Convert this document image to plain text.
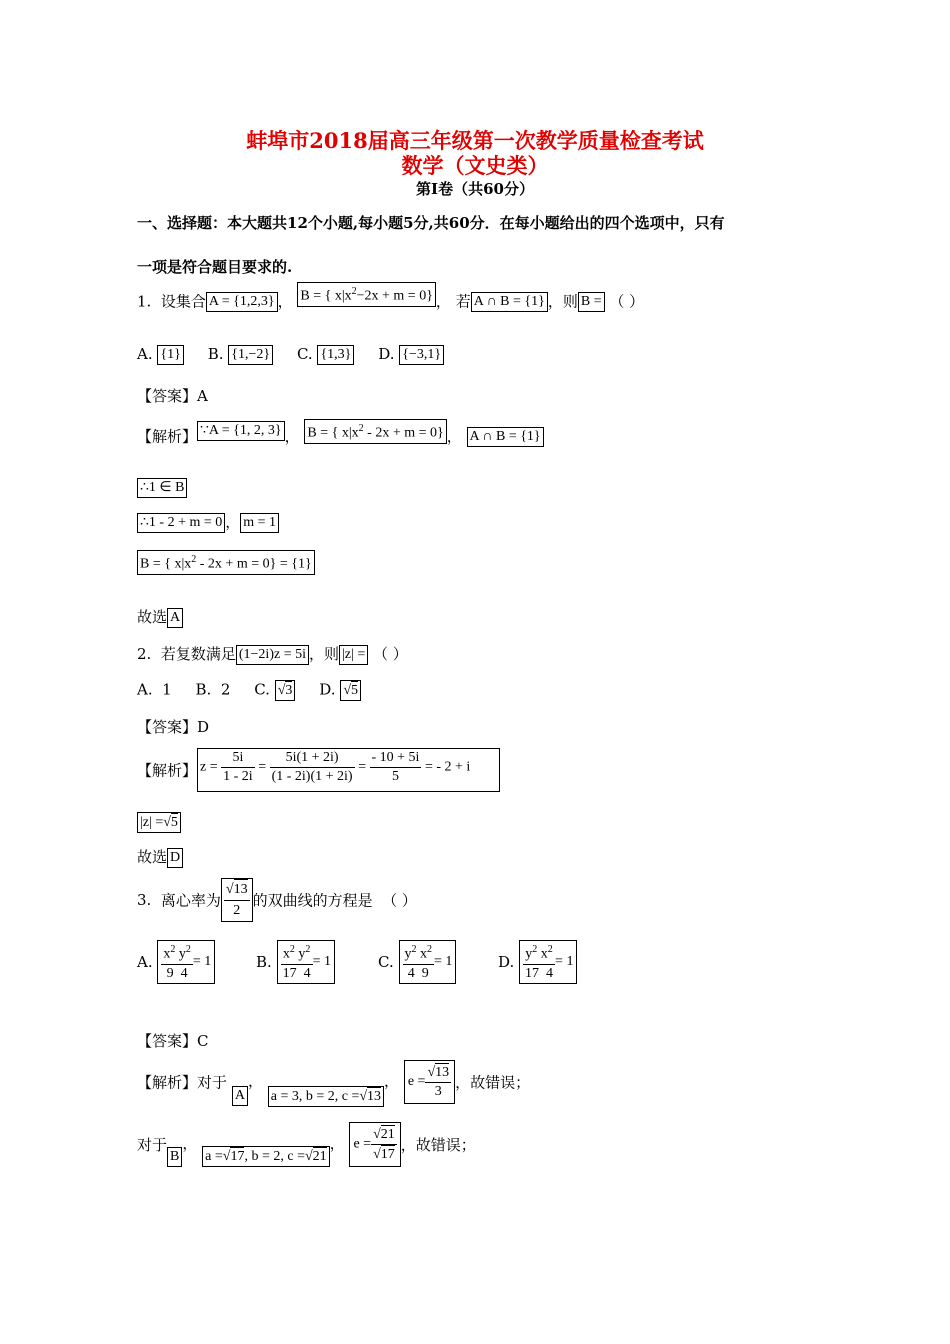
蚌埠市2018届高三年级第一次教学质量检查考试
数学（文史类）
第Ⅰ卷（共60分）
一、选择题：本大题共12个小题,每小题5分,共60分．在每小题给出的四个选项中，只有
一项是符合题目要求的.
1. 设集合 A = {1,2,3} ， B = { $x|x^2-2x + m = 0$} ， 若 A ∩ B = {1} ，则 B = （ ）
A. {1} B. {1,−2} C. {1,3} D. {−3,1}
【答案】A
【解析】 ∵A = {1, 2, 3} ， B = { $x|x^2 - 2x + m = 0$} ， A ∩ B = {1}
∴1 ∈ B
∴1 - 2 + m = 0 ， m = 1
B = { $x|x^2 - 2x + m = 0\} = \{1\}$
故选 A
2. 若复数满足 (1−2i)z = 5i ，则 |z| = （ ）
A.  1     B.  2     C. √3 D. √5
【答案】D
【解析】 $z = \frac{5i}{1 - 2i} = \frac{5i(1 + 2i)}{(1 - 2i)(1 + 2i)} = \frac{- 10 + 5i}{5}$ = - 2 + i
|z| =√5
故选 D
3. 离心率为 $\frac{√13}{2}$ 的双曲线的方程是 （ ）
A. $\frac{x^2 y^2}{9 4} = 1$	B. $\frac{x^2 y^2}{17 4} = 1$	C. $\frac{y^2 x^2}{4 9} = 1$	D. $\frac{y^2 x^2}{17 4} = 1$
【答案】C
【解析】对于 A， a = 3, b = 2, c =√13， $e = \frac{√13}{3}$ ，故错误；
对于B， a =√17, b = 2, c =√21， $e = \frac{√21}{√17}$ ，故错误；
